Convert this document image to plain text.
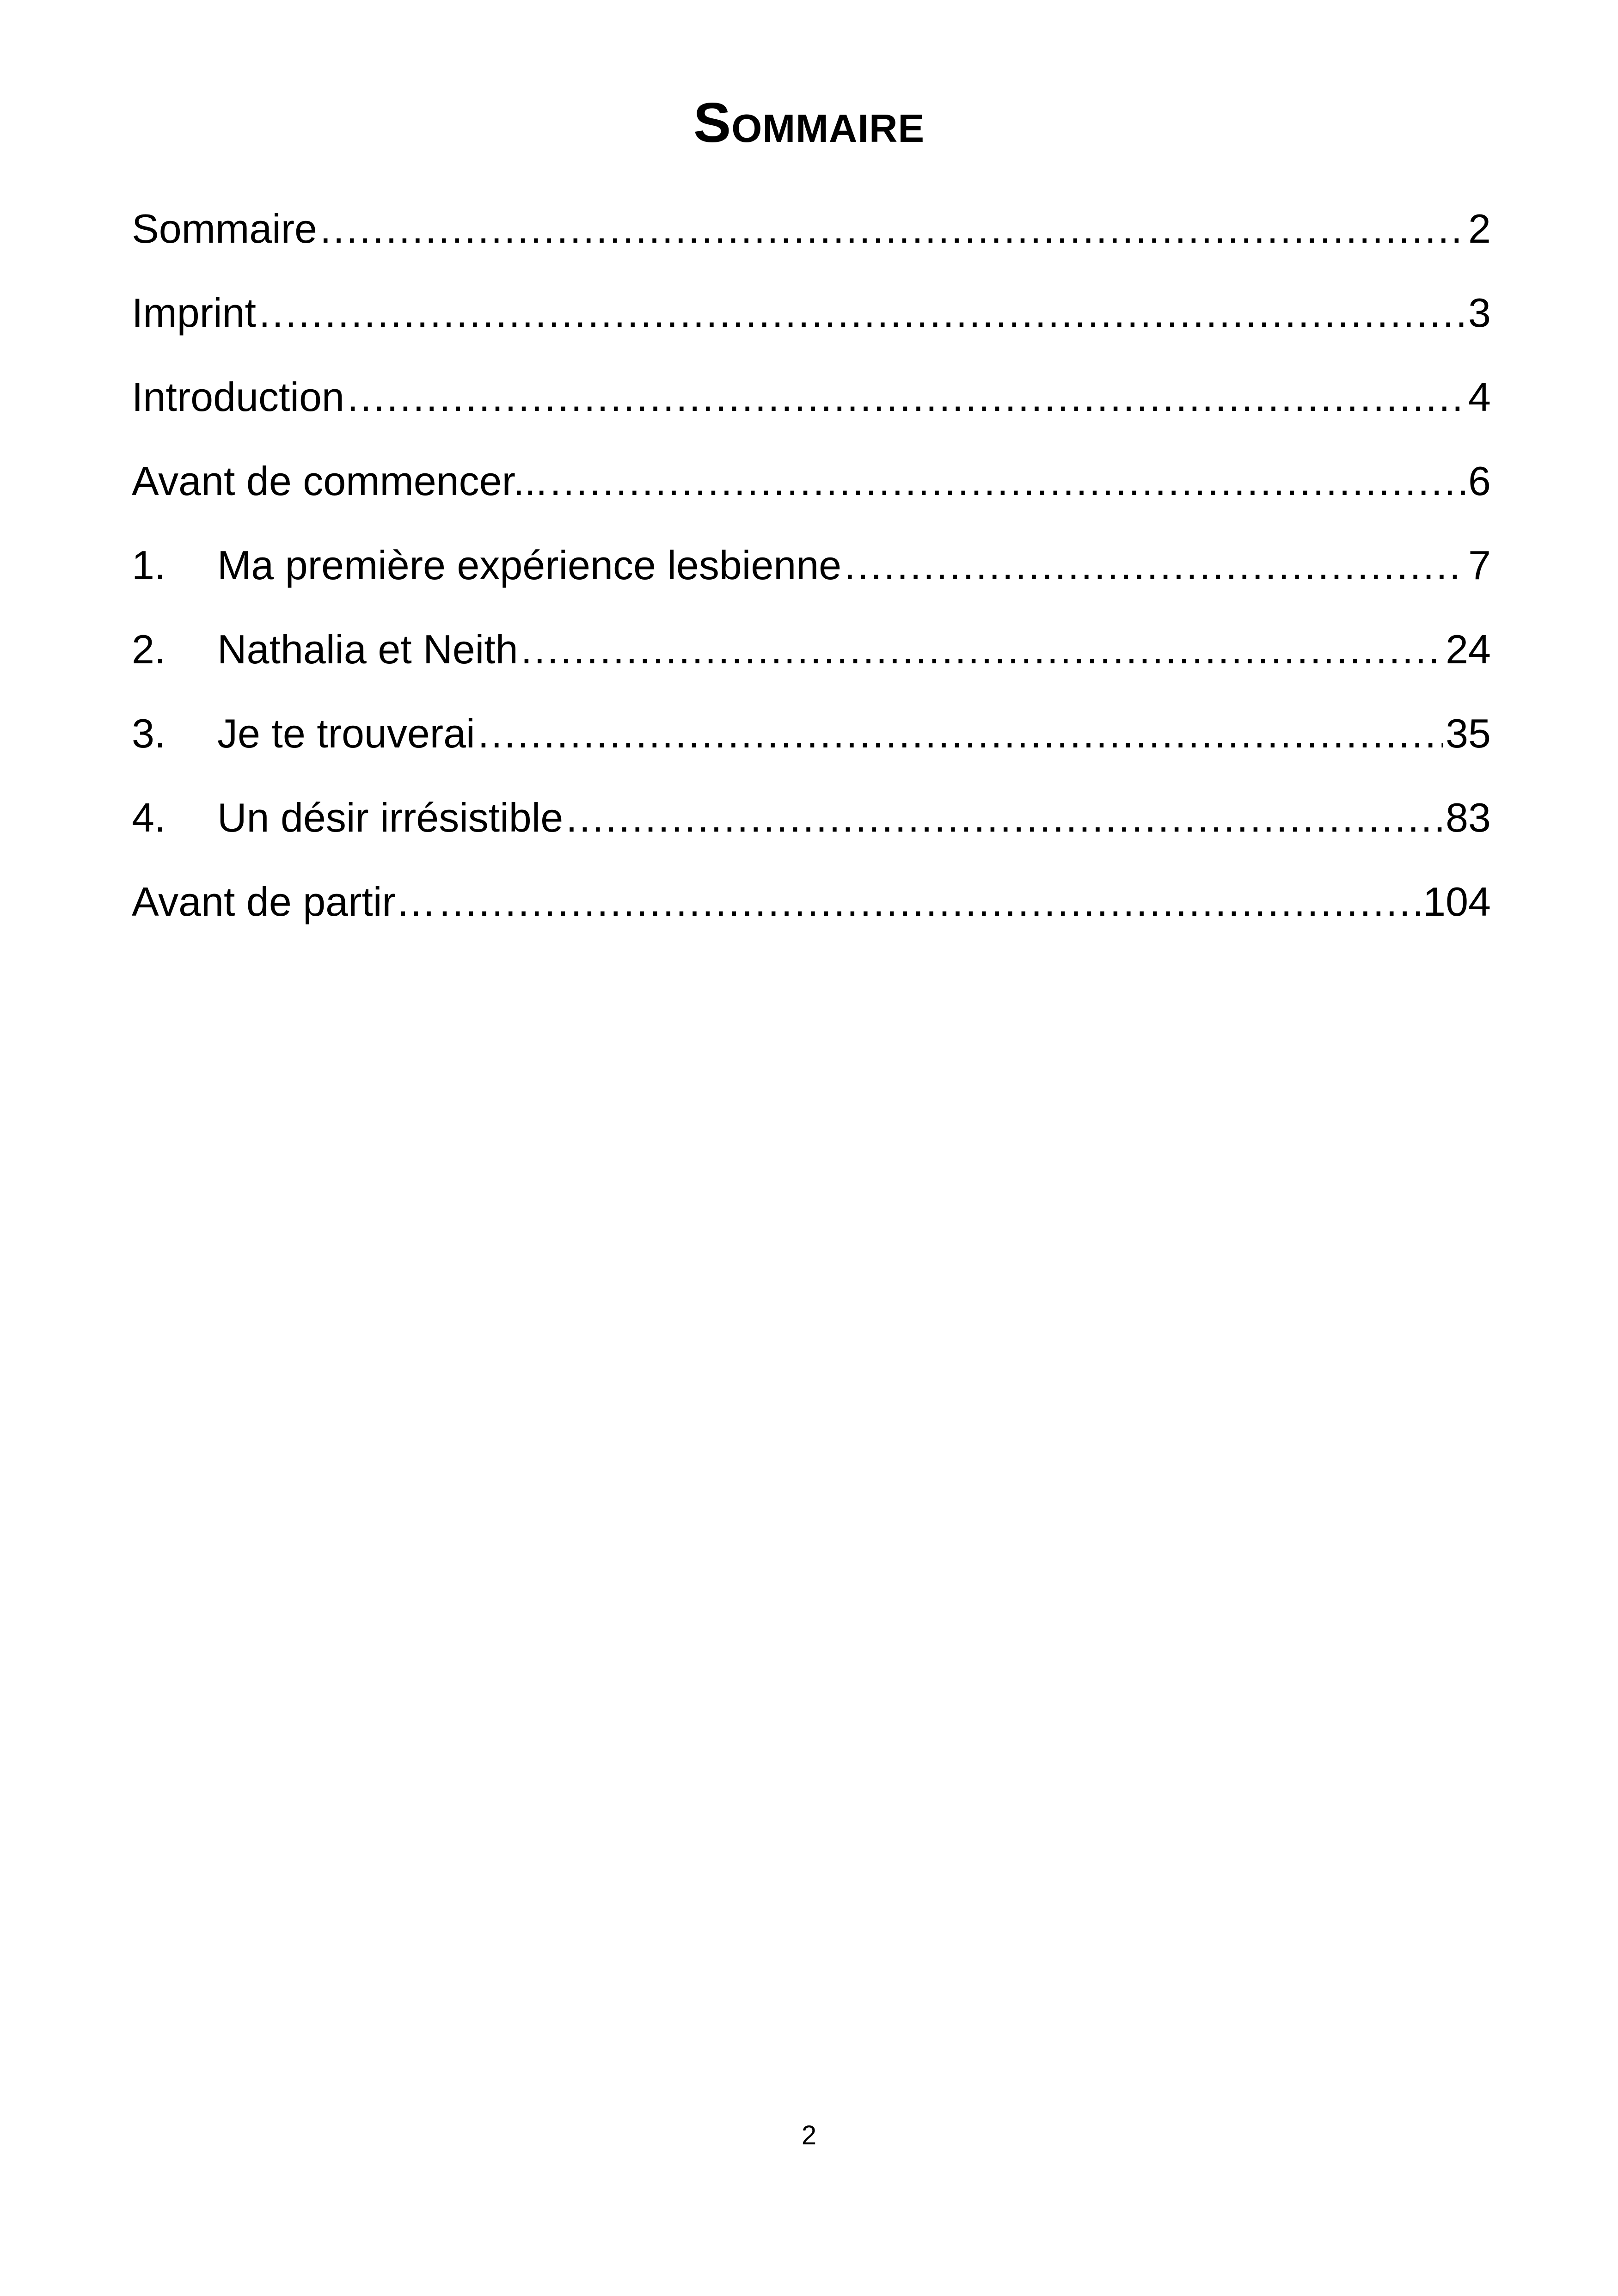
Sommaire
Sommaire .....	2
Imprint .....	3
Introduction .....	4
Avant de commencer... .....	6
1.	Ma première expérience lesbienne .....	7
2.	Nathalia et Neith .....	24
3.	Je te trouverai .....	35
4.	Un désir irrésistible .....	83
Avant de partir… .....	104
2
